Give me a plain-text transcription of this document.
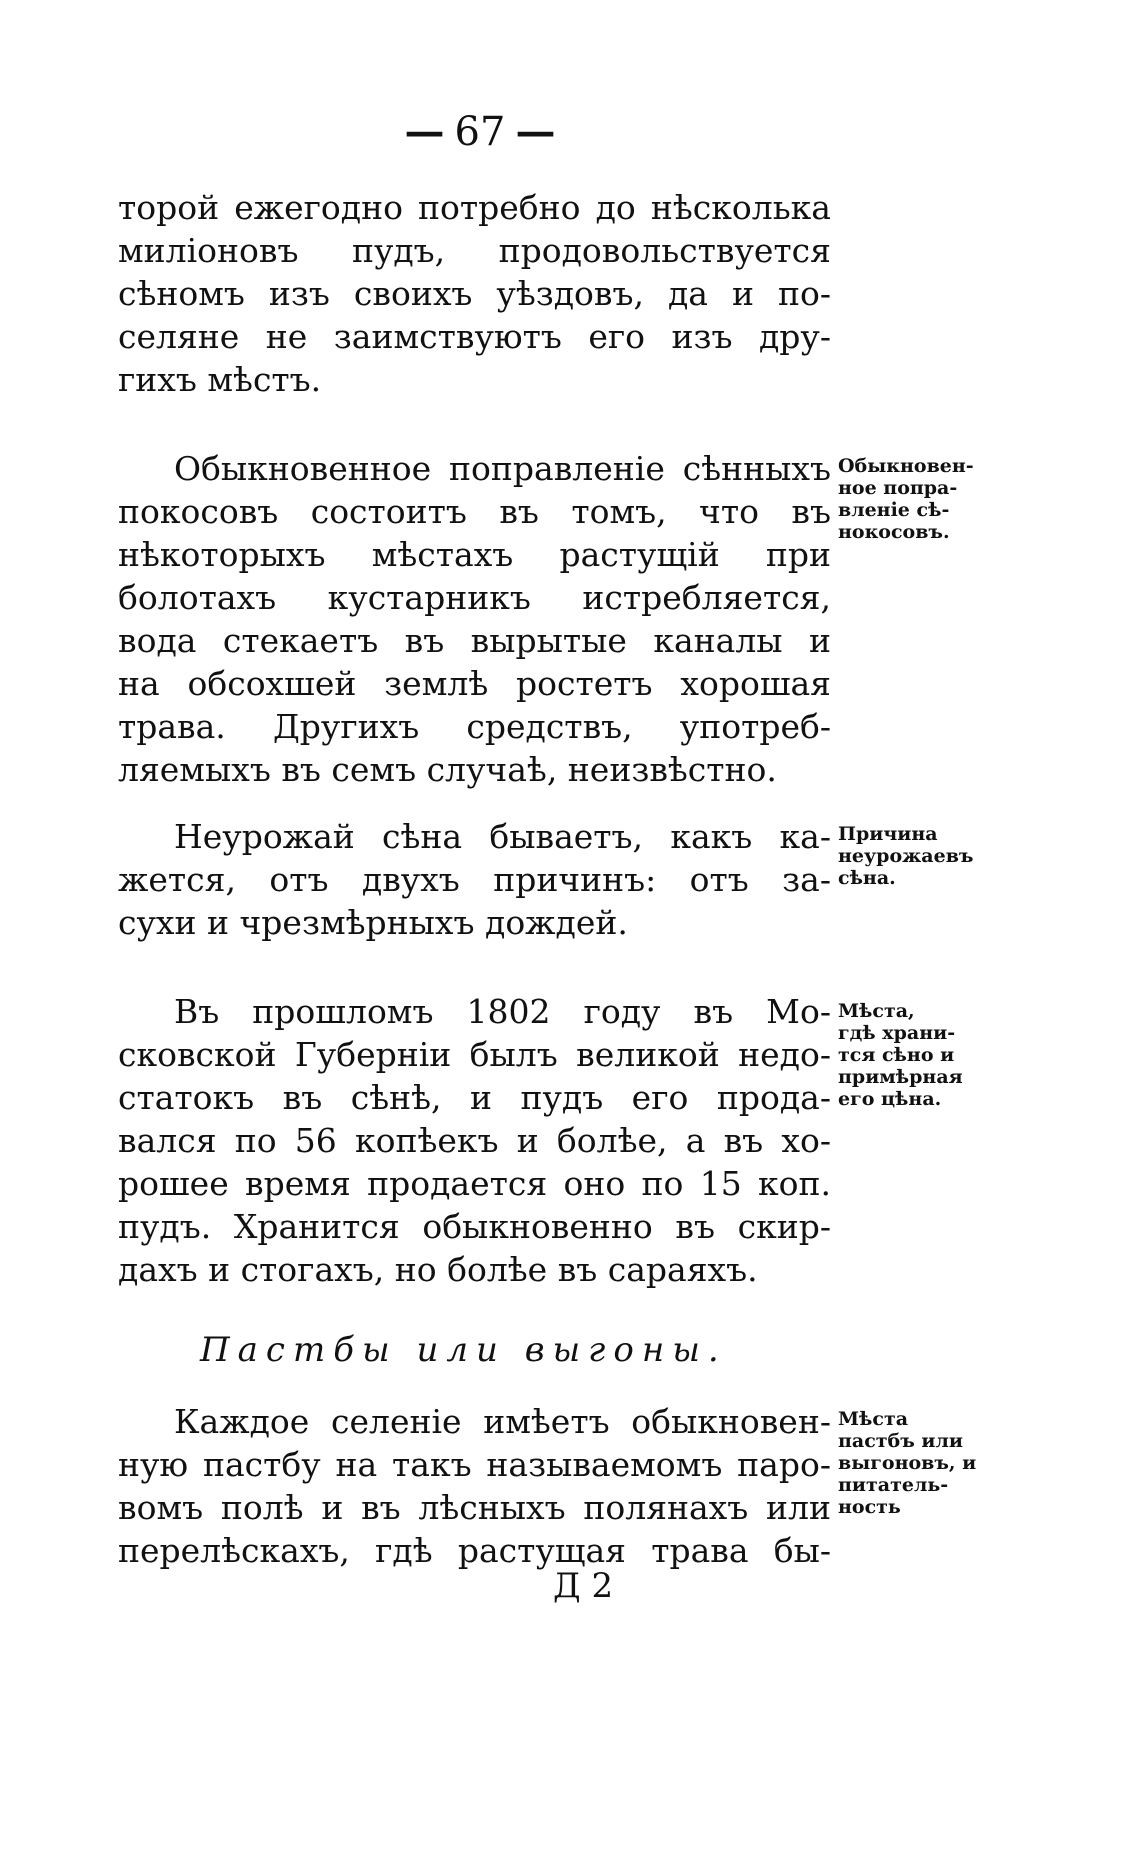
— 67 —
торой ежегодно потребно до нѣсколька
миліоновъ пудъ, продовольствуется
сѣномъ изъ своихъ уѣздовъ, да и по-
селяне не заимствуютъ его изъ дру-
гихъ мѣстъ.
Обыкновенное поправленіе сѣнныхъ
покосовъ состоитъ въ томъ, что въ
нѣкоторыхъ мѣстахъ растущій при
болотахъ кустарникъ истребляется,
вода стекаетъ въ вырытые каналы и
на обсохшей землѣ ростетъ хорошая
трава. Другихъ средствъ, употреб-
ляемыхъ въ семъ случаѣ, неизвѣстно.
Обыкновен-
ное попра-
вленіе сѣ-
нокосовъ.
Неурожай сѣна бываетъ, какъ ка-
жется, отъ двухъ причинъ: отъ за-
сухи и чрезмѣрныхъ дождей.
Причина
неурожаевъ
сѣна.
Въ прошломъ 1802 году въ Мо-
сковской Губерніи былъ великой недо-
статокъ въ сѣнѣ, и пудъ его прода-
вался по 56 копѣекъ и болѣе, а въ хо-
рошее время продается оно по 15 коп.
пудъ. Хранится обыкновенно въ скир-
дахъ и стогахъ, но болѣе въ сараяхъ.
Мѣста,
гдѣ храни-
тся сѣно и
примѣрная
его цѣна.
Пастбы или выгоны.
Каждое селеніе имѣетъ обыкновен-
ную пастбу на такъ называемомъ паро-
вомъ полѣ и въ лѣсныхъ полянахъ или
перелѣскахъ, гдѣ растущая трава бы-
Мѣста
пастбъ или
выгоновъ, и
питатель-
ность
Д 2
